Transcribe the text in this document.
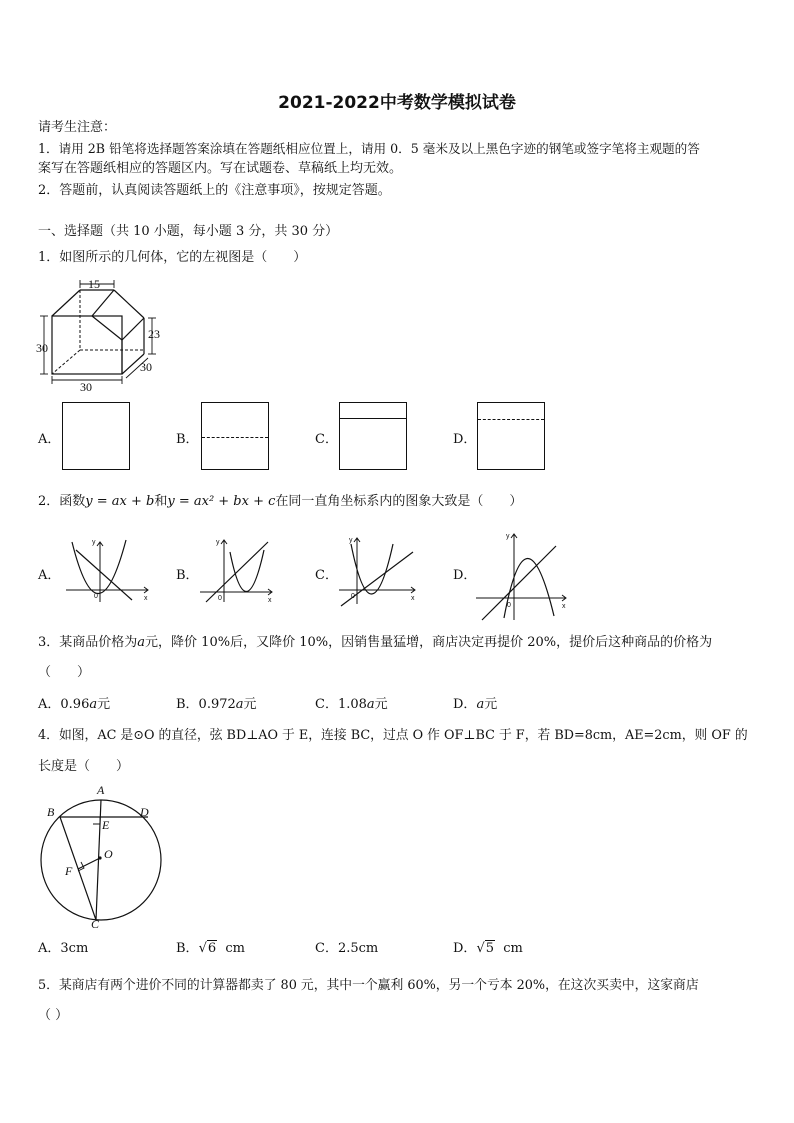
2021-2022中考数学模拟试卷
请考生注意：
1．请用 2B 铅笔将选择题答案涂填在答题纸相应位置上，请用 0．5 毫米及以上黑色字迹的钢笔或签字笔将主观题的答
案写在答题纸相应的答题区内。写在试题卷、草稿纸上均无效。
2．答题前，认真阅读答题纸上的《注意事项》，按规定答题。
一、选择题（共 10 小题，每小题 3 分，共 30 分）
1．如图所示的几何体，它的左视图是（　　）
15
23
30
30
30
A．	B．	C．	D．
2．函数y = ax + b和y = ax² + bx + c在同一直角坐标系内的图象大致是（　　）
A．
y
x
0
B．
y
x
0
C．
y
x
0
D．
y
x
0
3．某商品价格为a元，降价 10%后，又降价 10%，因销售量猛增，商店决定再提价 20%，提价后这种商品的价格为
（　　）
A．0.96a元	B．0.972a元	C．1.08a元	D．a元
4．如图，AC 是⊙O 的直径，弦 BD⊥AO 于 E，连接 BC，过点 O 作 OF⊥BC 于 F，若 BD=8cm，AE=2cm，则 OF 的
长度是（　　）
A
B	D
E
O
F
C
A．3cm	B．√6 cm	C．2.5cm	D．√5 cm
5．某商店有两个进价不同的计算器都卖了 80 元，其中一个赢利 60%，另一个亏本 20%，在这次买卖中，这家商店
（ ）
